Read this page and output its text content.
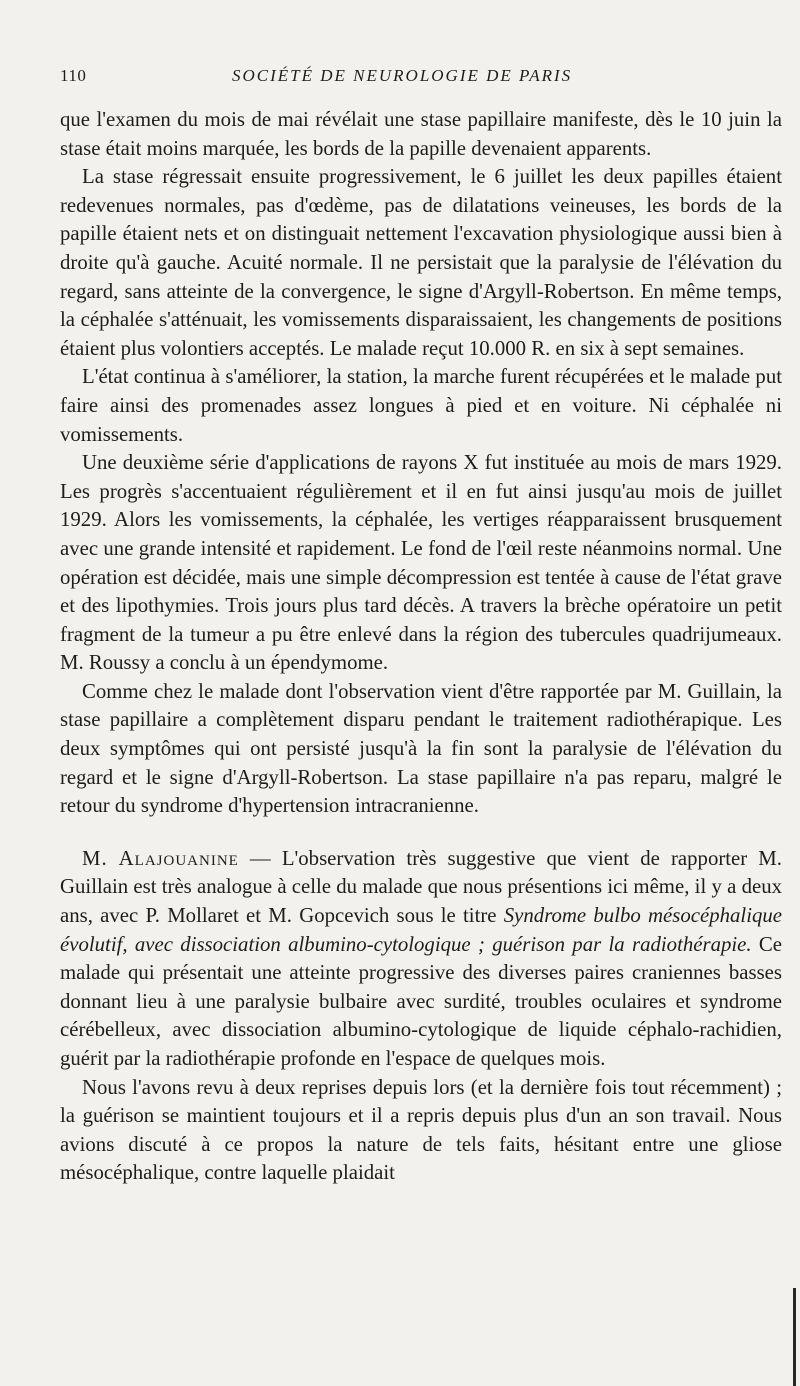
110	SOCIÉTÉ DE NEUROLOGIE DE PARIS

que l'examen du mois de mai révélait une stase papillaire manifeste, dès le 10 juin la stase était moins marquée, les bords de la papille devenaient apparents.

La stase régressait ensuite progressivement, le 6 juillet les deux papilles étaient redevenues normales, pas d'œdème, pas de dilatations veineuses, les bords de la papille étaient nets et on distinguait nettement l'excavation physiologique aussi bien à droite qu'à gauche. Acuité normale. Il ne persistait que la paralysie de l'élévation du regard, sans atteinte de la convergence, le signe d'Argyll-Robertson. En même temps, la céphalée s'atténuait, les vomissements disparaissaient, les changements de positions étaient plus volontiers acceptés. Le malade reçut 10.000 R. en six à sept semaines.

L'état continua à s'améliorer, la station, la marche furent récupérées et le malade put faire ainsi des promenades assez longues à pied et en voiture. Ni céphalée ni vomissements.

Une deuxième série d'applications de rayons X fut instituée au mois de mars 1929. Les progrès s'accentuaient régulièrement et il en fut ainsi jusqu'au mois de juillet 1929. Alors les vomissements, la céphalée, les vertiges réapparaissent brusquement avec une grande intensité et rapidement. Le fond de l'œil reste néanmoins normal. Une opération est décidée, mais une simple décompression est tentée à cause de l'état grave et des lipothymies. Trois jours plus tard décès. A travers la brèche opératoire un petit fragment de la tumeur a pu être enlevé dans la région des tubercules quadrijumeaux. M. Roussy a conclu à un épendymome.

Comme chez le malade dont l'observation vient d'être rapportée par M. Guillain, la stase papillaire a complètement disparu pendant le traitement radiothérapique. Les deux symptômes qui ont persisté jusqu'à la fin sont la paralysie de l'élévation du regard et le signe d'Argyll-Robertson. La stase papillaire n'a pas reparu, malgré le retour du syndrome d'hypertension intracranienne.

M. Alajouanine — L'observation très suggestive que vient de rapporter M. Guillain est très analogue à celle du malade que nous présentions ici même, il y a deux ans, avec P. Mollaret et M. Gopcevich sous le titre Syndrome bulbo mésocéphalique évolutif, avec dissociation albumino-cytologique ; guérison par la radiothérapie. Ce malade qui présentait une atteinte progressive des diverses paires craniennes basses donnant lieu à une paralysie bulbaire avec surdité, troubles oculaires et syndrome cérébelleux, avec dissociation albumino-cytologique de liquide céphalo-rachidien, guérit par la radiothérapie profonde en l'espace de quelques mois.

Nous l'avons revu à deux reprises depuis lors (et la dernière fois tout récemment) ; la guérison se maintient toujours et il a repris depuis plus d'un an son travail. Nous avions discuté à ce propos la nature de tels faits, hésitant entre une gliose mésocéphalique, contre laquelle plaidait
